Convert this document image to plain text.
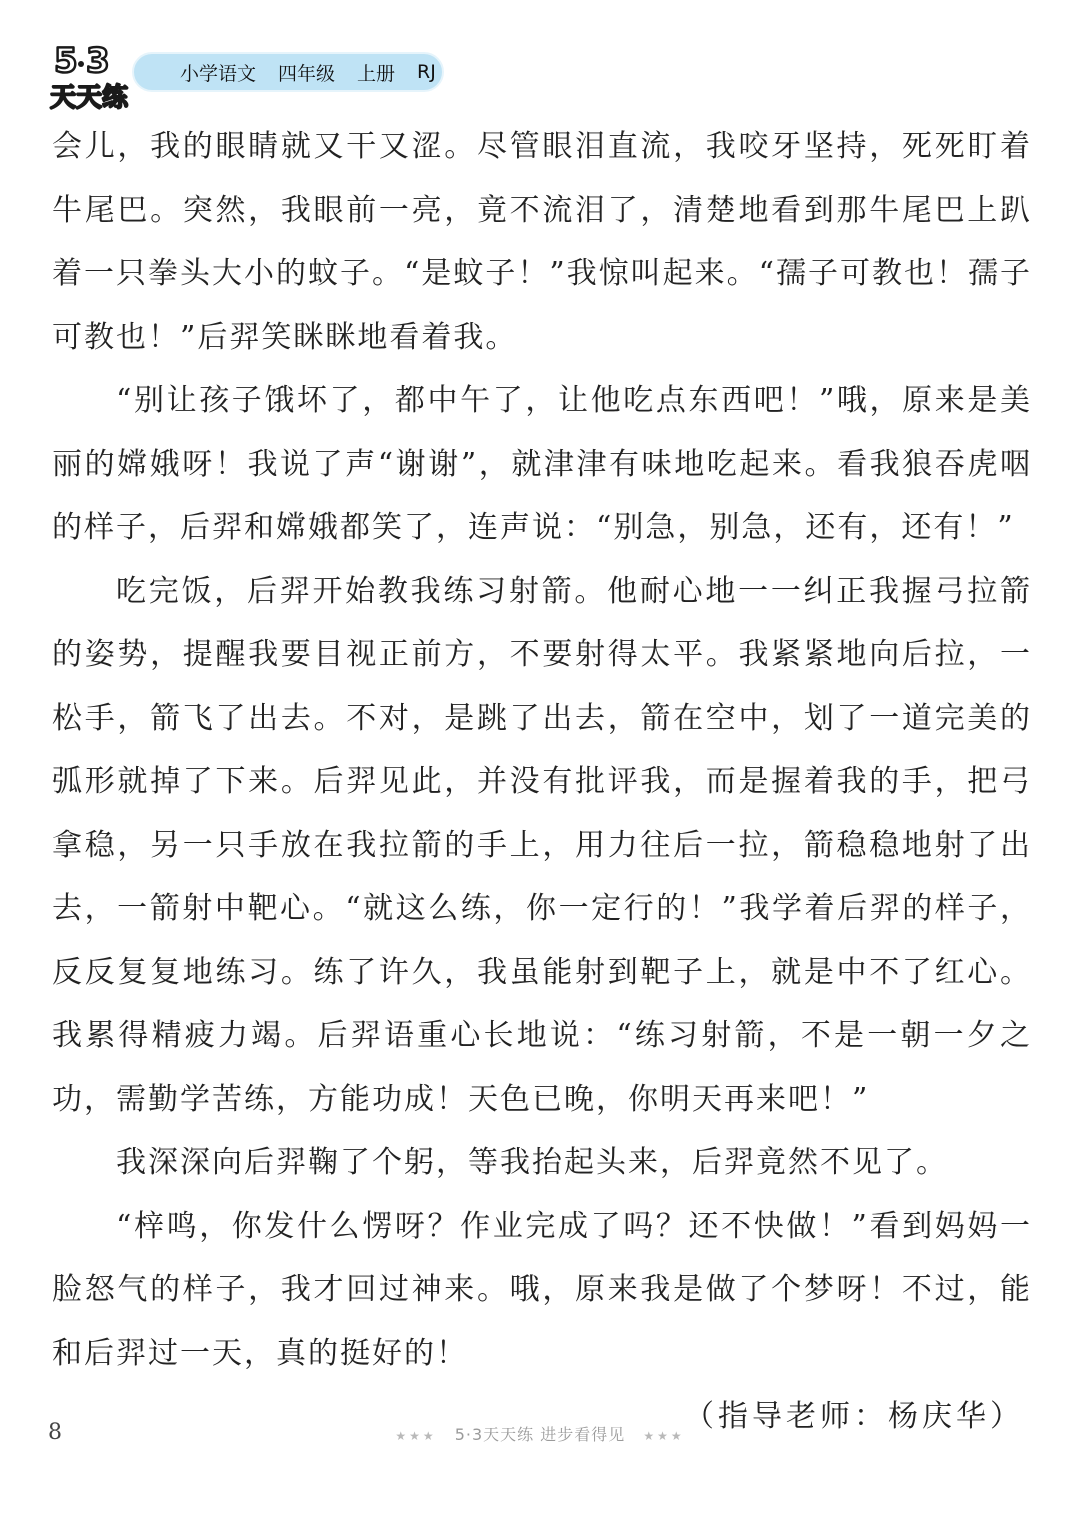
5 3
天天练
小学语文 四年级 上册 RJ

会儿，我的眼睛就又干又涩。尽管眼泪直流，我咬牙坚持，死死盯着牛尾巴。突然，我眼前一亮，竟不流泪了，清楚地看到那牛尾巴上趴着一只拳头大小的蚊子。“是蚊子！”我惊叫起来。“孺子可教也！孺子可教也！”后羿笑眯眯地看着我。

“别让孩子饿坏了，都中午了，让他吃点东西吧！”哦，原来是美丽的嫦娥呀！我说了声“谢谢”，就津津有味地吃起来。看我狼吞虎咽的样子，后羿和嫦娥都笑了，连声说：“别急，别急，还有，还有！”

吃完饭，后羿开始教我练习射箭。他耐心地一一纠正我握弓拉箭的姿势，提醒我要目视正前方，不要射得太平。我紧紧地向后拉，一松手，箭飞了出去。不对，是跳了出去，箭在空中，划了一道完美的弧形就掉了下来。后羿见此，并没有批评我，而是握着我的手，把弓拿稳，另一只手放在我拉箭的手上，用力往后一拉，箭稳稳地射了出去，一箭射中靶心。“就这么练，你一定行的！”我学着后羿的样子，反反复复地练习。练了许久，我虽能射到靶子上，就是中不了红心。我累得精疲力竭。后羿语重心长地说：“练习射箭，不是一朝一夕之功，需勤学苦练，方能功成！天色已晚，你明天再来吧！”

我深深向后羿鞠了个躬，等我抬起头来，后羿竟然不见了。

“梓鸣，你发什么愣呀？作业完成了吗？还不快做！”看到妈妈一脸怒气的样子，我才回过神来。哦，原来我是做了个梦呀！不过，能和后羿过一天，真的挺好的！

（指导老师：杨庆华）

8	★★★ 5·3天天练 进步看得见 ★★★
